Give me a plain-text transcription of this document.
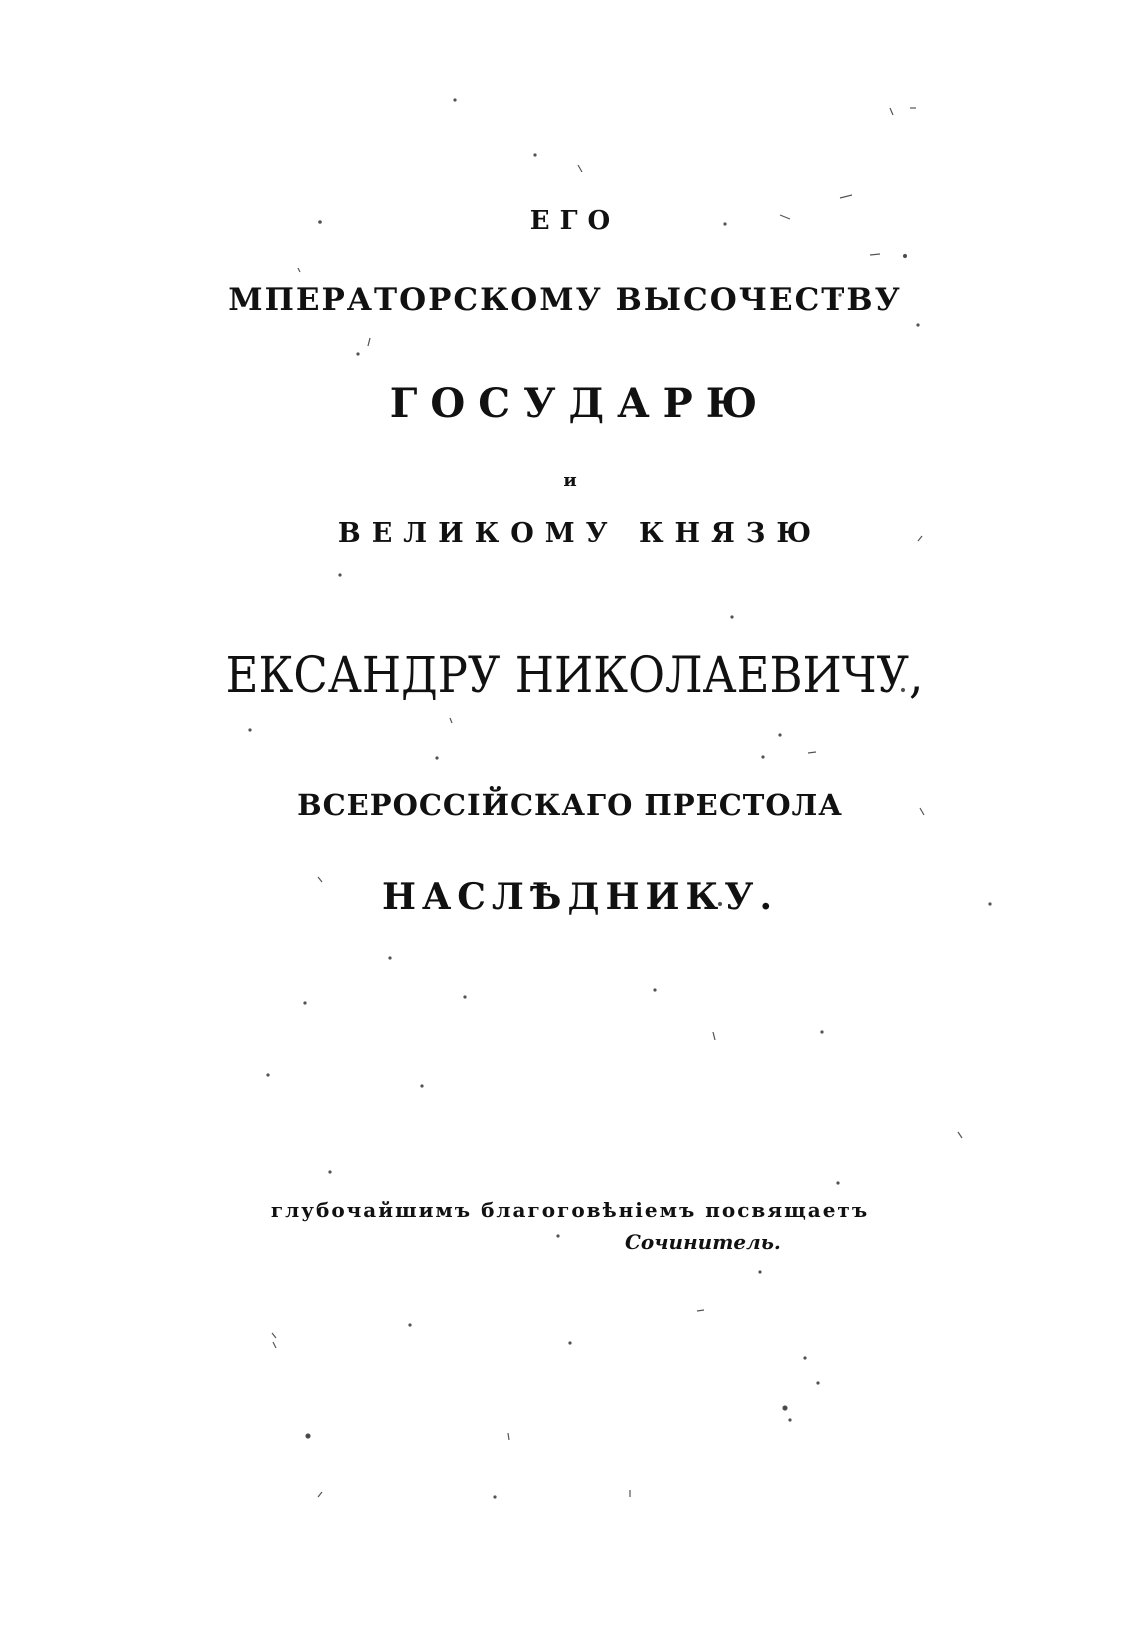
ЕГО
МПЕРАТОРСКОМУ ВЫСОЧЕСТВУ
ГОСУДАРЮ
и
ВЕЛИКОМУ КНЯЗЮ
ЕКСАНДРУ НИКОЛАЕВИЧУ,
ВСЕРОССІЙСКАГО ПРЕСТОЛА
НАСЛѢДНИКУ.
глубочайшимъ благоговѣніемъ посвящаетъ
Сочинитель.
